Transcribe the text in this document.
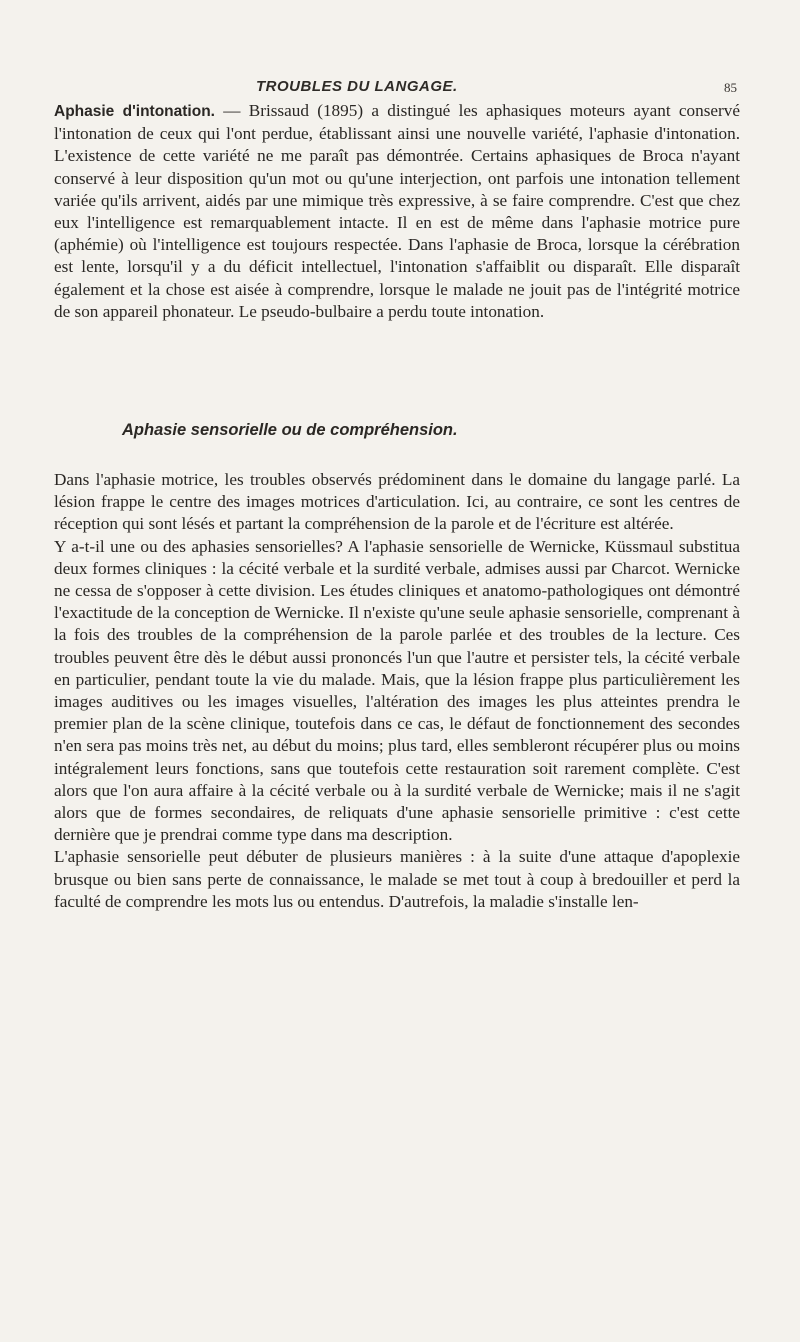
TROUBLES DU LANGAGE.	85

Aphasie d'intonation. — Brissaud (1895) a distingué les aphasiques moteurs ayant conservé l'intonation de ceux qui l'ont perdue, établissant ainsi une nouvelle variété, l'aphasie d'intonation. L'existence de cette variété ne me paraît pas démontrée. Certains aphasiques de Broca n'ayant conservé à leur disposition qu'un mot ou qu'une interjection, ont parfois une intonation tellement variée qu'ils arrivent, aidés par une mimique très expressive, à se faire comprendre. C'est que chez eux l'intelligence est remarquablement intacte. Il en est de même dans l'aphasie motrice pure (aphémie) où l'intelligence est toujours respectée. Dans l'aphasie de Broca, lorsque la cérébration est lente, lorsqu'il y a du déficit intellectuel, l'intonation s'affaiblit ou disparaît. Elle disparaît également et la chose est aisée à comprendre, lorsque le malade ne jouit pas de l'intégrité motrice de son appareil phonateur. Le pseudo-bulbaire a perdu toute intonation.

Aphasie sensorielle ou de compréhension.

Dans l'aphasie motrice, les troubles observés prédominent dans le domaine du langage parlé. La lésion frappe le centre des images motrices d'articulation. Ici, au contraire, ce sont les centres de réception qui sont lésés et partant la compréhension de la parole et de l'écriture est altérée.

Y a-t-il une ou des aphasies sensorielles? A l'aphasie sensorielle de Wernicke, Küssmaul substitua deux formes cliniques : la cécité verbale et la surdité verbale, admises aussi par Charcot. Wernicke ne cessa de s'opposer à cette division. Les études cliniques et anatomo-pathologiques ont démontré l'exactitude de la conception de Wernicke. Il n'existe qu'une seule aphasie sensorielle, comprenant à la fois des troubles de la compréhension de la parole parlée et des troubles de la lecture. Ces troubles peuvent être dès le début aussi prononcés l'un que l'autre et persister tels, la cécité verbale en particulier, pendant toute la vie du malade. Mais, que la lésion frappe plus particulièrement les images auditives ou les images visuelles, l'altération des images les plus atteintes prendra le premier plan de la scène clinique, toutefois dans ce cas, le défaut de fonctionnement des secondes n'en sera pas moins très net, au début du moins; plus tard, elles sembleront récupérer plus ou moins intégralement leurs fonctions, sans que toutefois cette restauration soit rarement complète. C'est alors que l'on aura affaire à la cécité verbale ou à la surdité verbale de Wernicke; mais il ne s'agit alors que de formes secondaires, de reliquats d'une aphasie sensorielle primitive : c'est cette dernière que je prendrai comme type dans ma description.

L'aphasie sensorielle peut débuter de plusieurs manières : à la suite d'une attaque d'apoplexie brusque ou bien sans perte de connaissance, le malade se met tout à coup à bredouiller et perd la faculté de comprendre les mots lus ou entendus. D'autrefois, la maladie s'installe len-
